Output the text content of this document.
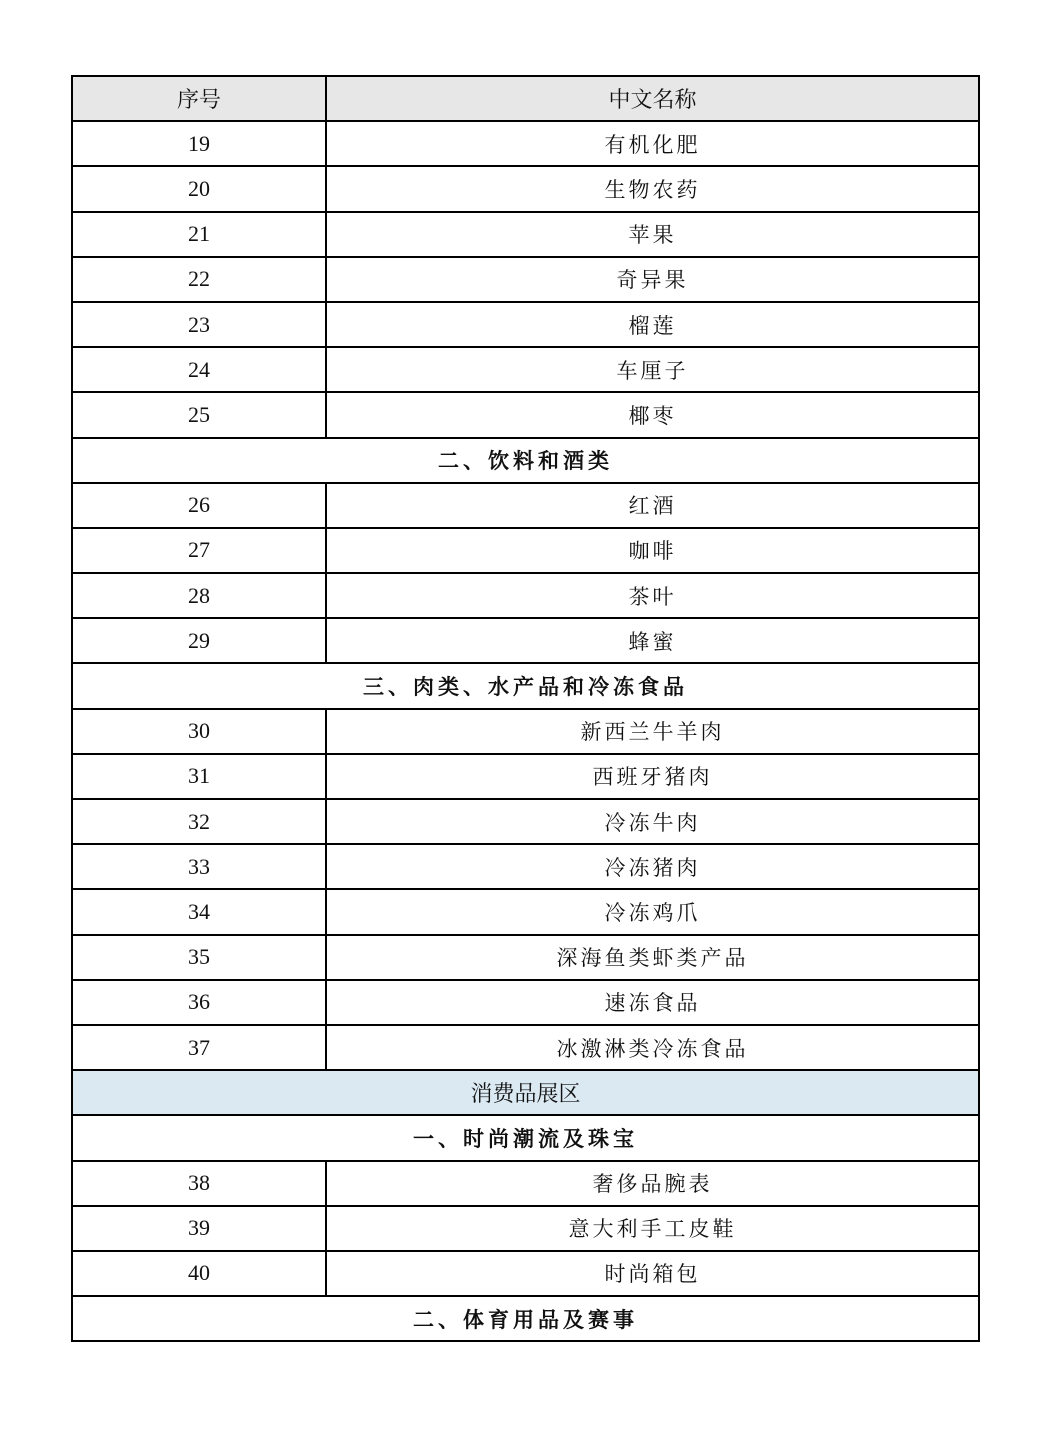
序号	中文名称
19	有机化肥
20	生物农药
21	苹果
22	奇异果
23	榴莲
24	车厘子
25	椰枣
二、饮料和酒类	
26	红酒
27	咖啡
28	茶叶
29	蜂蜜
三、肉类、水产品和冷冻食品	
30	新西兰牛羊肉
31	西班牙猪肉
32	冷冻牛肉
33	冷冻猪肉
34	冷冻鸡爪
35	深海鱼类虾类产品
36	速冻食品
37	冰激淋类冷冻食品
消费品展区	
一、时尚潮流及珠宝	
38	奢侈品腕表
39	意大利手工皮鞋
40	时尚箱包
二、体育用品及赛事	
